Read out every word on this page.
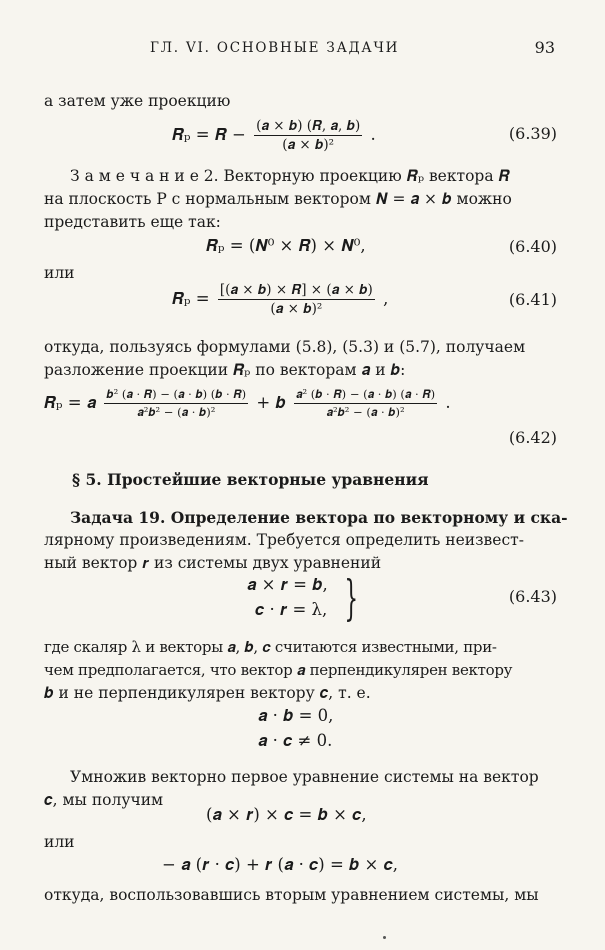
ГЛ. VI. ОСНОВНЫЕ ЗАДАЧИ	93
а затем уже проекцию
𝑹ₚ = 𝑹 − $\frac{\text{(𝒂 × 𝒃) (𝑹, 𝒂, 𝒃)}}{\text{(𝒂 × 𝒃)²}}$ .	(6.39)
З а м е ч а н и е 2. Векторную проекцию 𝑹ₚ вектора 𝑹
на плоскость P с нормальным вектором 𝑵 = 𝒂 × 𝒃 можно
представить еще так:
𝑹ₚ = (𝑵⁰ × 𝑹) × 𝑵⁰,	(6.40)
или
𝑹ₚ = $\frac{\text{[(𝒂 × 𝒃) × 𝑹] × (𝒂 × 𝒃)}}{\text{(𝒂 × 𝒃)²}}$ ,	(6.41)
откуда, пользуясь формулами (5.8), (5.3) и (5.7), получаем
разложение проекции 𝑹ₚ по векторам 𝒂 и 𝒃:
𝑹ₚ = 𝒂 $\frac{\text{𝒃² (𝒂 · 𝑹) − (𝒂 · 𝒃) (𝒃 · 𝑹)}}{\text{𝒂²𝒃² − (𝒂 · 𝒃)²}}$ + 𝒃 $\frac{\text{𝒂² (𝒃 · 𝑹) − (𝒂 · 𝒃) (𝒂 · 𝑹)}}{\text{𝒂²𝒃² − (𝒂 · 𝒃)²}}$ .
(6.42)
§ 5. Простейшие векторные уравнения
Задача 19. Определение вектора по векторному и ска-
лярному произведениям. Требуется определить неизвест-
ный вектор 𝒓 из системы двух уравнений
𝒂 × 𝒓 = 𝒃,
𝒄 · 𝒓 = λ, }	(6.43)
где скаляр λ и векторы 𝒂, 𝒃, 𝒄 считаются известными, при-
чем предполагается, что вектор 𝒂 перпендикулярен вектору
𝒃 и не перпендикулярен вектору 𝒄, т. е.
𝒂 · 𝒃 = 0,
𝒂 · 𝒄 ≠ 0.
Умножив векторно первое уравнение системы на вектор
𝒄, мы получим
(𝒂 × 𝒓) × 𝒄 = 𝒃 × 𝒄,
или
− 𝒂 (𝒓 · 𝒄) + 𝒓 (𝒂 · 𝒄) = 𝒃 × 𝒄,
откуда, воспользовавшись вторым уравнением системы, мы
